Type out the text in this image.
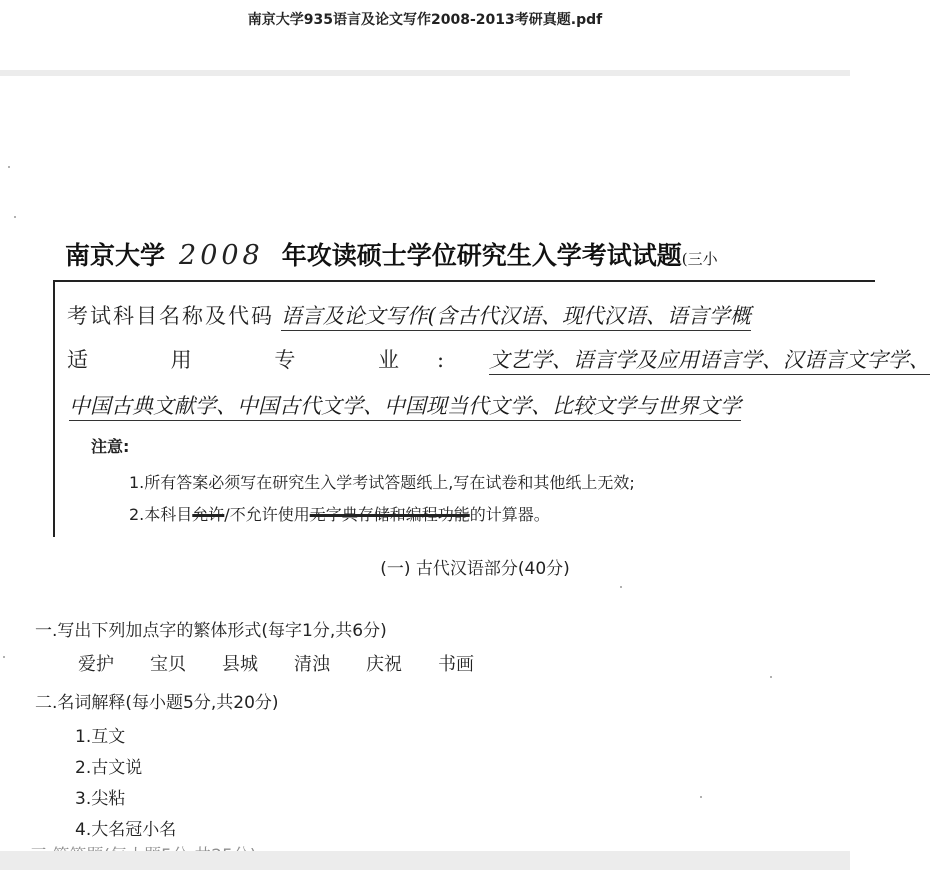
南京大学935语言及论文写作2008-2013考研真题.pdf
南京大学 2008 年攻读硕士学位研究生入学考试试题(三小
考试科目名称及代码 语言及论文写作(含古代汉语、现代汉语、语言学概
适 用 专 业: 文艺学、语言学及应用语言学、汉语言文字学、
中国古典文献学、中国古代文学、中国现当代文学、比较文学与世界文学
注意:
1.所有答案必须写在研究生入学考试答题纸上,写在试卷和其他纸上无效;
2.本科目允许/不允许使用无字典存储和编程功能的计算器。
(一) 古代汉语部分(40分)
一.写出下列加点字的繁体形式(每字1分,共6分)
爱护 宝贝 县城 清浊 庆祝 书画
二.名词解释(每小题5分,共20分)
1.互文
2.古文说
3.尖粘
4.大名冠小名
